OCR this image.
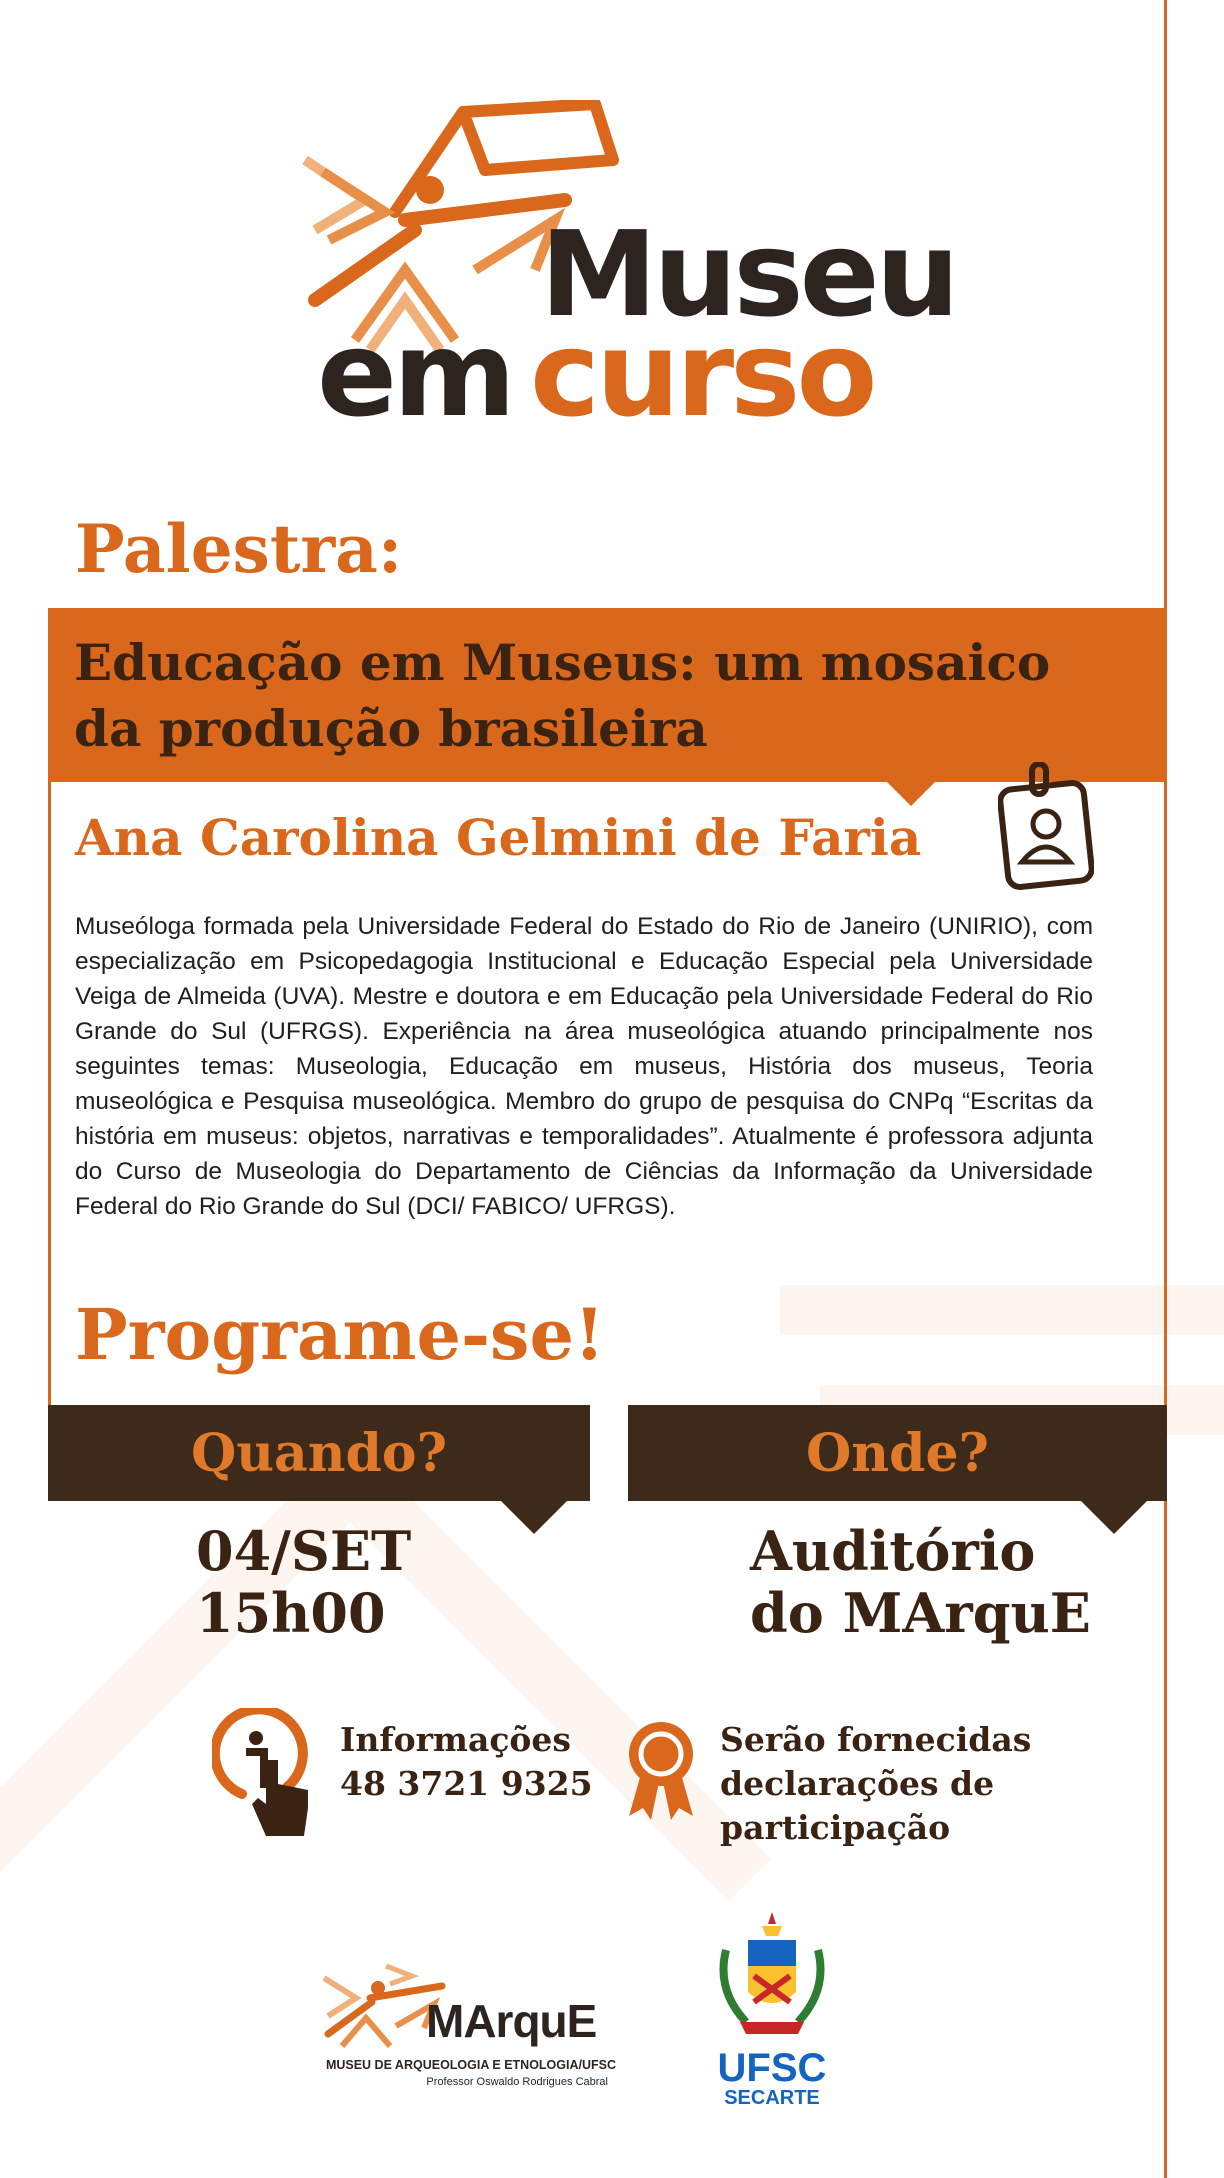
Museu
em curso
Palestra:
Educação em Museus: um mosaico
da produção brasileira
Ana Carolina Gelmini de Faria
Museóloga formada pela Universidade Federal do Estado do Rio de Janeiro (UNIRIO), com especialização em Psicopedagogia Institucional e Educação Especial pela Universidade Veiga de Almeida (UVA). Mestre e doutora e em Educação pela Universidade Federal do Rio Grande do Sul (UFRGS). Experiência na área museológica atuando principalmente nos seguintes temas: Museologia, Educação em museus, História dos museus, Teoria museológica e Pesquisa museológica. Membro do grupo de pesquisa do CNPq “Escritas da história em museus: objetos, narrativas e temporalidades”. Atualmente é professora adjunta do Curso de Museologia do Departamento de Ciências da Informação da Universidade Federal do Rio Grande do Sul (DCI/ FABICO/ UFRGS).
Programe-se!
Quando?	Onde?
04/SET
15h00
Auditório
do MArquE
Informações
48 3721 9325
Serão fornecidas
declarações de
participação
MArquE
MUSEU DE ARQUEOLOGIA E ETNOLOGIA/UFSC
Professor Oswaldo Rodrigues Cabral	UFSC
SECARTE
